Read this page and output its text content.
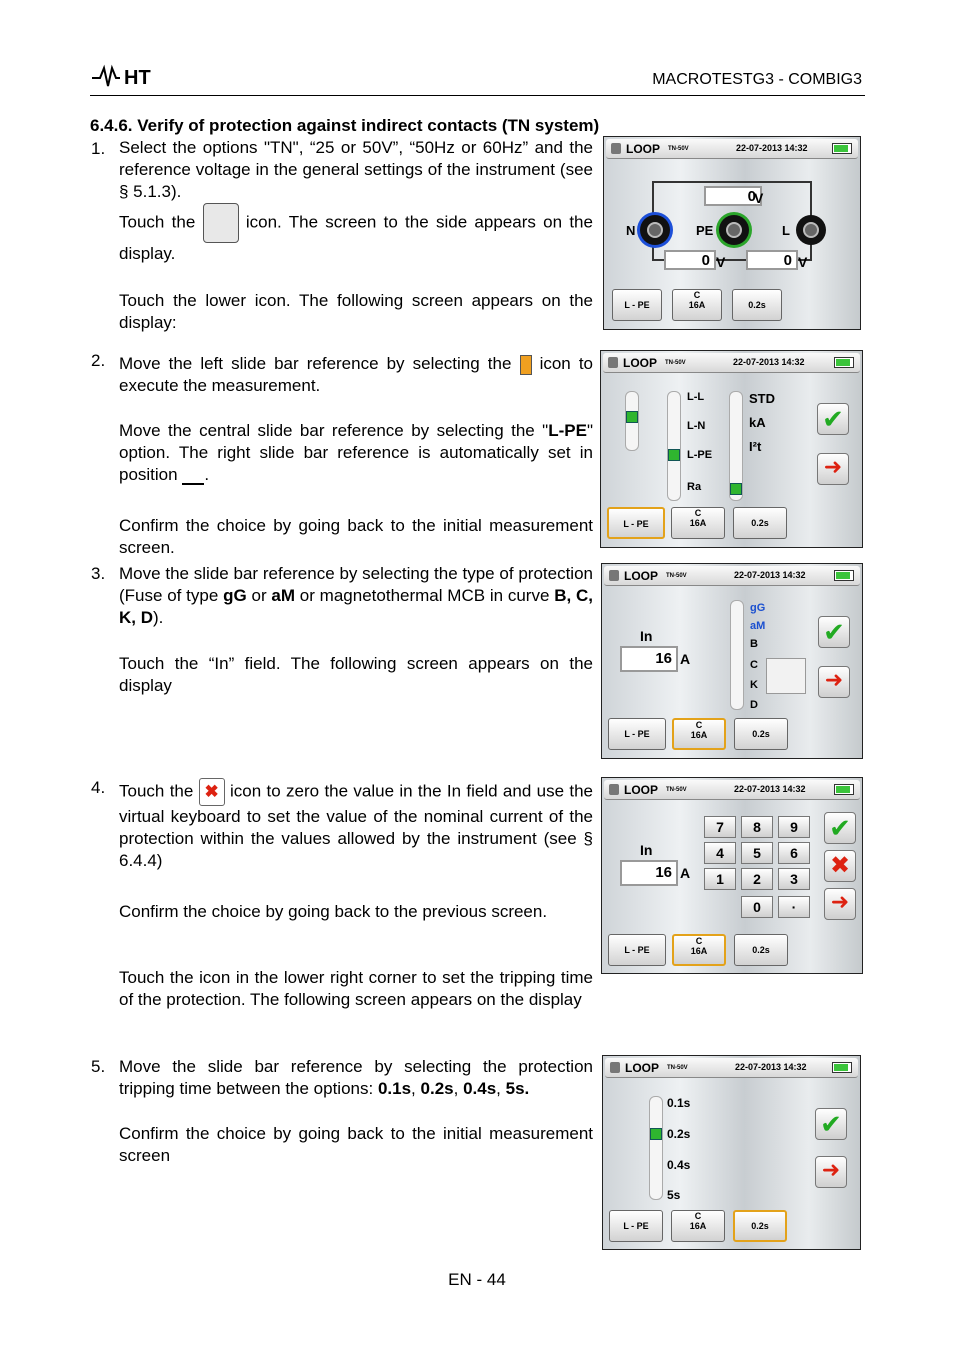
HT	MACROTESTG3 - COMBIG3
6.4.6. Verify of protection against indirect contacts (TN system)
1. Select the options "TN", “25 or 50V”, “50Hz or 60Hz” and the reference voltage in the general settings of the instrument (see § 5.1.3).
Touch the	icon. The screen to the side appears on the display.
Touch the lower icon. The following screen appears on the display:
2. Move the left slide bar reference by selecting the icon to execute the measurement.
Move the central slide bar reference by selecting the "L-PE" option. The right slide bar reference is automatically set in position .
Confirm the choice by going back to the initial measurement screen.
3. Move the slide bar reference by selecting the type of protection (Fuse of type gG or aM or magnetothermal MCB in curve B, C, K, D).
Touch the “In” field. The following screen appears on the display
4. Touch the ✖ icon to zero the value in the In field and use the virtual keyboard to set the value of the nominal current of the protection within the values allowed by the instrument (see § 6.4.4)
Confirm the choice by going back to the previous screen.
Touch the icon in the lower right corner to set the tripping time of the protection. The following screen appears on the display
5. Move the slide bar reference by selecting the protection tripping time between the options: 0.1s, 0.2s, 0.4s, 5s.
Confirm the choice by going back to the initial measurement screen
LOOP TN-50V	22-07-2013 14:32
0
V
N	PE	L
0	0
V	V

L - PE
C
16A	0.2s
LOOP TN-50V	22-07-2013 14:32
L-L
L-N
L-PE
Ra
STD
kA
I²t
✔
➜

L - PE
C
16A	0.2s
LOOP TN-50V	22-07-2013 14:32
In
16 A
gG
aM
B
C
K
D
✔
➜

L - PE
C
16A	0.2s
LOOP TN-50V	22-07-2013 14:32
In
16 A
7	8	9
4	5	6
1	2	3
0	·
✔
✖
➜

L - PE
C
16A	0.2s
LOOP TN-50V	22-07-2013 14:32
0.1s
0.2s
0.4s
5s
✔
➜

L - PE
C
16A	0.2s
EN - 44
